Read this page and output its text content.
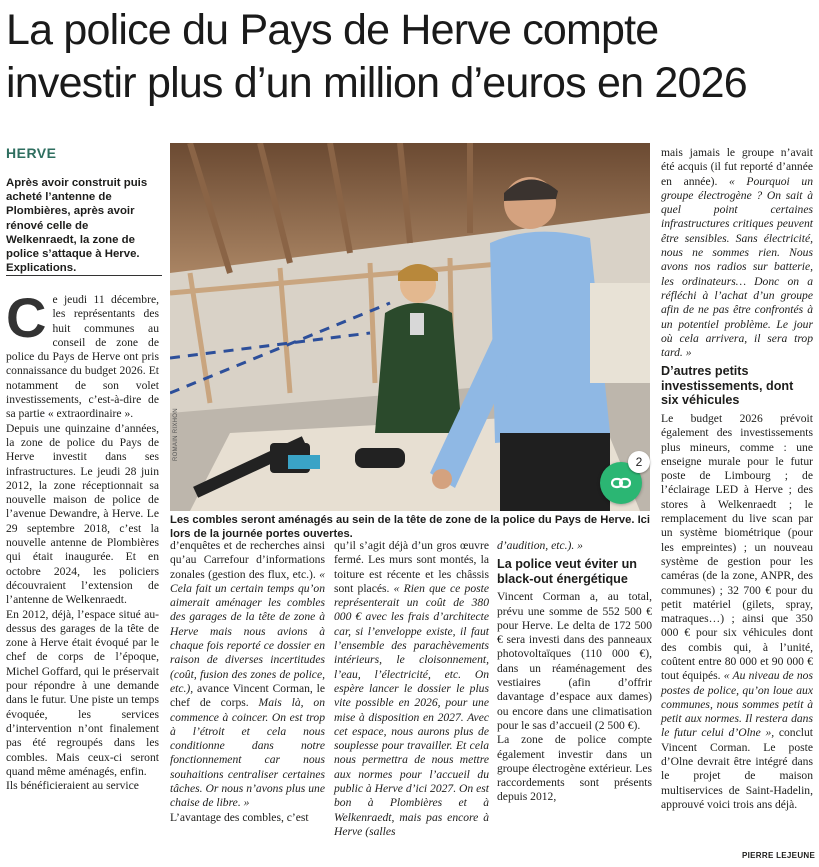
La police du Pays de Herve compte
investir plus d’un million d’euros en 2026
HERVE
Après avoir construit puis acheté l’antenne de Plombières, après avoir rénové celle de Welkenraedt, la zone de police s’attaque à Herve. Explications.
ROMAIN RIXHON
2
Les combles seront aménagés au sein de la tête de zone de la police du Pays de Herve. Ici lors de la journée portes ouvertes.

Ce jeudi 11 décembre, les représentants des huit communes au conseil de zone de police du Pays de Herve ont pris connaissance du budget 2026. Et notamment de son volet investissements, c’est-à-dire de sa partie « extraordinaire ».

Depuis une quinzaine d’années, la zone de police du Pays de Herve investit dans ses infrastructures. Le jeudi 28 juin 2012, la zone réceptionnait sa nouvelle maison de police de l’avenue Dewandre, à Herve. Le 29 septembre 2018, c’est la nouvelle antenne de Plombières qui était inaugurée. Et en octobre 2024, les policiers découvraient l’extension de l’antenne de Welkenraedt.

En 2012, déjà, l’espace situé au-dessus des garages de la tête de zone à Herve était évoqué par le chef de corps de l’époque, Michel Goffard, qui le préservait pour répondre à une demande dans le futur. Une piste un temps évoquée, les services d’intervention n’ont finalement pas été regroupés dans les combles. Mais ceux-ci seront quand même aménagés, enfin.

Ils bénéficieraient au service

d’enquêtes et de recherches ainsi qu’au Carrefour d’informations zonales (gestion des flux, etc.). « Cela fait un certain temps qu’on aimerait aménager les combles des garages de la tête de zone à Herve mais nous avions à chaque fois reporté ce dossier en raison de diverses incertitudes (coût, fusion des zones de police, etc.), avance Vincent Corman, le chef de corps. Mais là, on commence à coincer. On est trop à l’étroit et cela nous conditionne dans notre fonctionnement car nous souhaitions centraliser certaines tâches. Or nous n’avons plus une chaise de libre. »

L’avantage des combles, c’est

qu’il s’agit déjà d’un gros œuvre fermé. Les murs sont montés, la toiture est récente et les châssis sont placés. « Rien que ce poste représenterait un coût de 380 000 € avec les frais d’architecte car, si l’enveloppe existe, il faut l’ensemble des parachèvements intérieurs, le cloisonnement, l’eau, l’électricité, etc. On espère lancer le dossier le plus vite possible en 2026, pour une mise à disposition en 2027. Avec cet espace, nous aurons plus de souplesse pour travailler. Et cela nous permettra de nous mettre aux normes pour l’accueil du public à Herve d’ici 2027. On est bon à Plombières et à Welkenraedt, mais pas encore à Herve (salles

d’audition, etc.). »

La police veut éviter un black-out énergétique

Vincent Corman a, au total, prévu une somme de 552 500 € pour Herve. Le delta de 172 500 € sera investi dans des panneaux photovoltaïques (110 000 €), dans un réaménagement des vestiaires (afin d’offrir davantage d’espace aux dames) ou encore dans une climatisation pour le sas d’accueil (2 500 €).

La zone de police compte également investir dans un groupe électrogène extérieur. Les raccordements sont présents depuis 2012,

mais jamais le groupe n’avait été acquis (il fut reporté d’année en année). « Pourquoi un groupe électrogène ? On sait à quel point certaines infrastructures critiques peuvent être sensibles. Sans électricité, nous ne sommes rien. Nous avons nos radios sur batterie, les ordinateurs… Donc on a réfléchi à l’achat d’un groupe afin de ne pas être confrontés à un potentiel problème. Le jour où cela arrivera, il sera trop tard. »

D’autres petits investissements, dont six véhicules

Le budget 2026 prévoit également des investissements plus mineurs, comme : une enseigne murale pour le futur poste de Limbourg ; de l’éclairage LED à Herve ; des stores à Welkenraedt ; le remplacement du live scan par un système biométrique (pour les empreintes) ; un nouveau système de gestion pour les caméras (de la zone, ANPR, des communes) ; 32 700 € pour du petit matériel (gilets, spray, matraques…) ; ainsi que 350 000 € pour six véhicules dont des combis qui, à l’unité, coûtent entre 80 000 et 90 000 € tout équipés. « Au niveau de nos postes de police, qu’on loue aux communes, nous sommes petit à petit aux normes. Il restera dans le futur celui d’Olne », conclut Vincent Corman. Le poste d’Olne devrait être intégré dans le projet de maison multiservices de Saint-Hadelin, approuvé voici trois ans déjà.

PIERRE LEJEUNE
